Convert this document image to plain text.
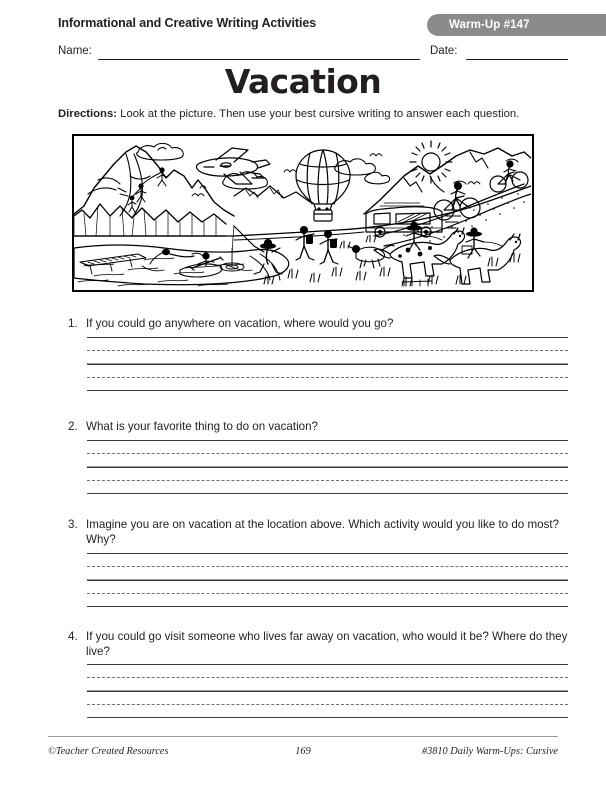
Informational and Creative Writing Activities	Warm-Up #147
Name:	Date:
Vacation
Directions: Look at the picture. Then use your best cursive writing to answer each question.
1. If you could go anywhere on vacation, where would you go?
2. What is your favorite thing to do on vacation?
3. Imagine you are on vacation at the location above. Which activity would you like to do most? Why?
4. If you could go visit someone who lives far away on vacation, who would it be? Where do they live?
©Teacher Created Resources	169	#3810 Daily Warm-Ups: Cursive
